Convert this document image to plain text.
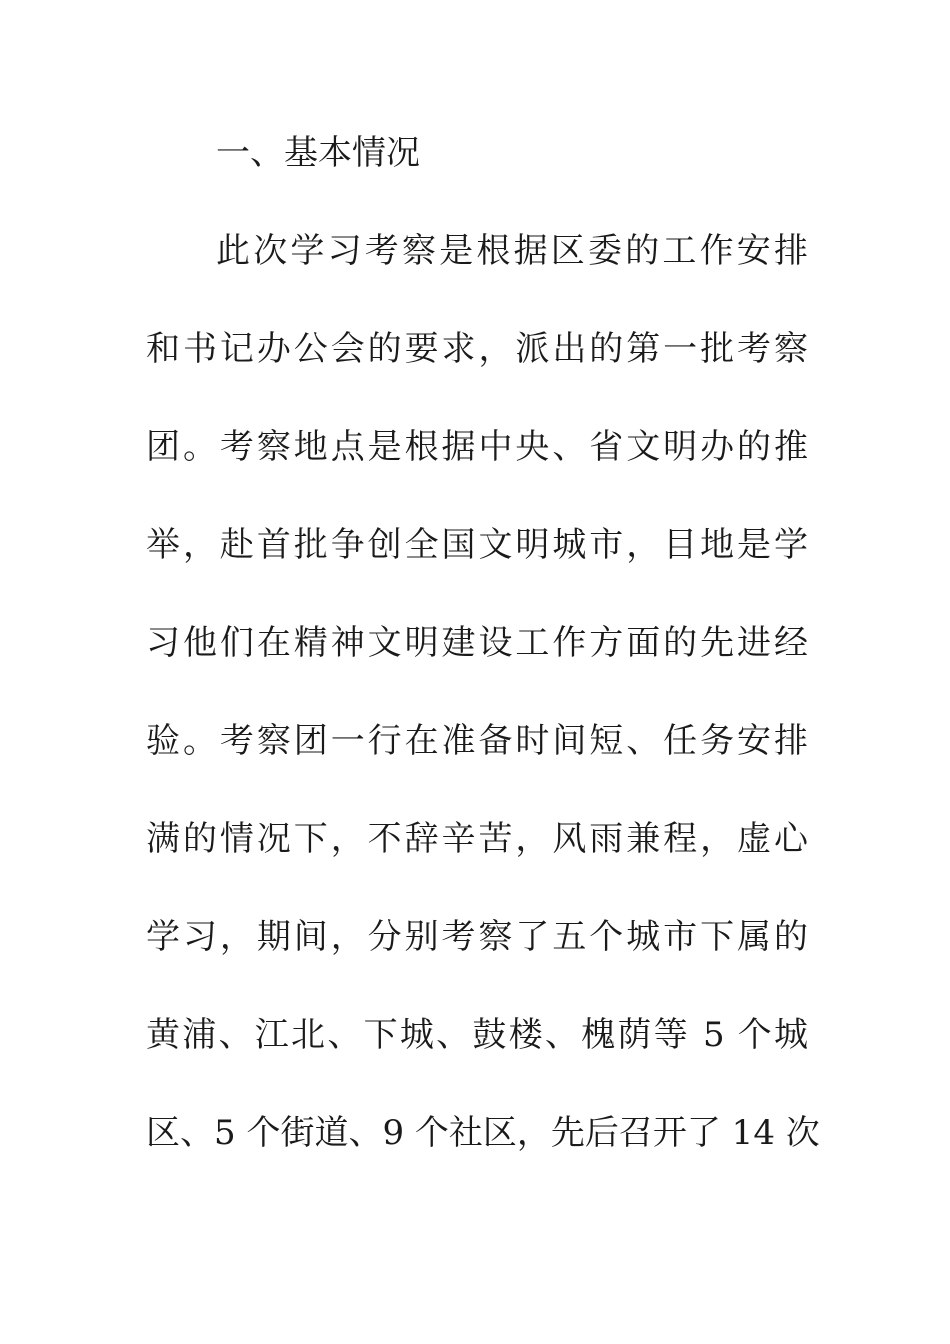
一、基本情况
此次学习考察是根据区委的工作安排
和书记办公会的要求，派出的第一批考察
团。考察地点是根据中央、省文明办的推
举，赴首批争创全国文明城市，目地是学
习他们在精神文明建设工作方面的先进经
验。考察团一行在准备时间短、任务安排
满的情况下，不辞辛苦，风雨兼程，虚心
学习，期间，分别考察了五个城市下属的
黄浦、江北、下城、鼓楼、槐荫等 5 个城
区、5 个街道、9 个社区，先后召开了 14 次
